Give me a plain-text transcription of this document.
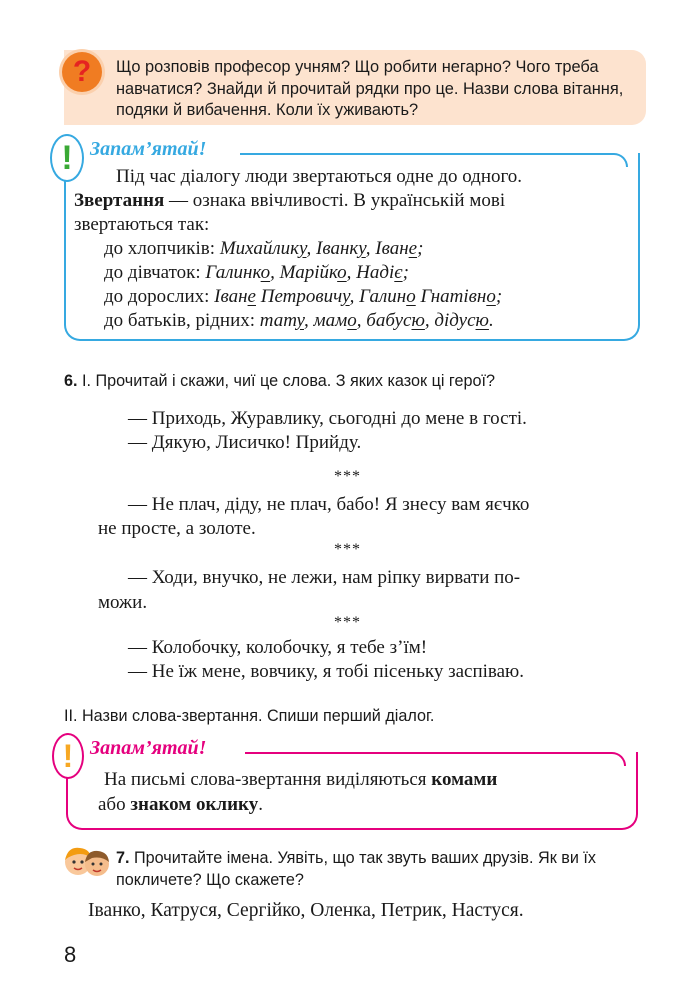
?	Що розповів професор учням? Що робити негарно? Чого треба навчатися? Знайди й прочитай рядки про це. Назви слова вітання, подяки й вибачення. Коли їх уживають?
! Запам’ятай!
Під час діалогу люди звертаються одне до одного.
Звертання — ознака ввічливості. В українській мові
звертаються так:
до хлопчиків: Михайлику, Іванку, Іване;
до дівчаток: Галинко, Марійко, Надіє;
до дорослих: Іване Петровичу, Галино Гнатівно;
до батьків, рідних: тату, мамо, бабусю, дідусю.
6. І. Прочитай і скажи, чиї це слова. З яких казок ці герої?
— Приходь, Журавлику, сьогодні до мене в гості.
— Дякую, Лисичко! Прийду.
***
— Не плач, діду, не плач, бабо! Я знесу вам яєчко
не просте, а золоте.
***
— Ходи, внучко, не лежи, нам ріпку вирвати по-
можи.
***
— Колобочку, колобочку, я тебе з’їм!
— Не їж мене, вовчику, я тобі пісеньку заспіваю.
ІІ. Назви слова-звертання. Спиши перший діалог.
! Запам’ятай!
На письмі слова-звертання виділяються комами
або знаком оклику.
7. Прочитайте імена. Уявіть, що так звуть ваших друзів. Як ви їх покличете? Що скажете?
Іванко, Катруся, Сергійко, Оленка, Петрик, Настуся.
8
